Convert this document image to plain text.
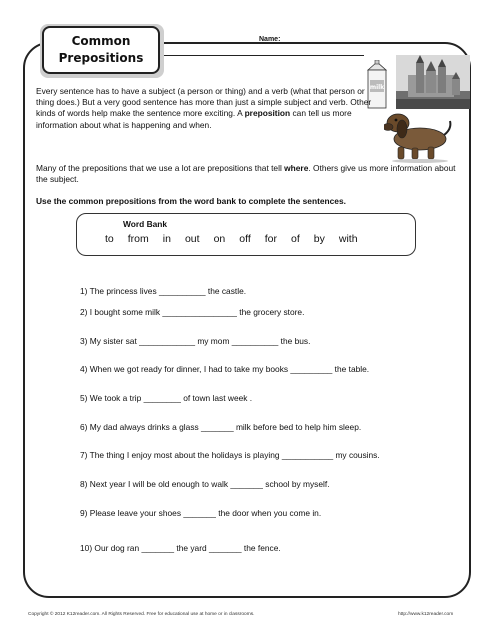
Common
Prepositions
Name:
milk
Every sentence has to have a subject (a person or thing) and a verb (what that person or thing does.) But a very good sentence has more than just a simple subject and verb. Other kinds of words help make the sentence more exciting. A preposition can tell us more information about what is happening and when.
Many of the prepositions that we use a lot are prepositions that tell where. Others give us more information about the subject.
Use the common prepositions from the word bank to complete the sentences.
Word Bank
to from in out on off for of by with
1) The princess lives __________ the castle.
2) I bought some milk ________________ the grocery store.
3) My sister sat ____________ my mom __________ the bus.
4) When we got ready for dinner, I had to take my books _________ the table.
5) We took a trip ________ of town last week .
6) My dad always drinks a glass _______ milk before bed to help him sleep.
7) The thing I enjoy most about the holidays is playing ___________ my cousins.
8) Next year I will be old enough to walk _______ school by myself.
9) Please leave your shoes _______ the door when you come in.
10) Our dog ran _______ the yard _______ the fence.
Copyright © 2012 K12reader.com. All Rights Reserved. Free for educational use at home or in classrooms.	http://www.k12reader.com
